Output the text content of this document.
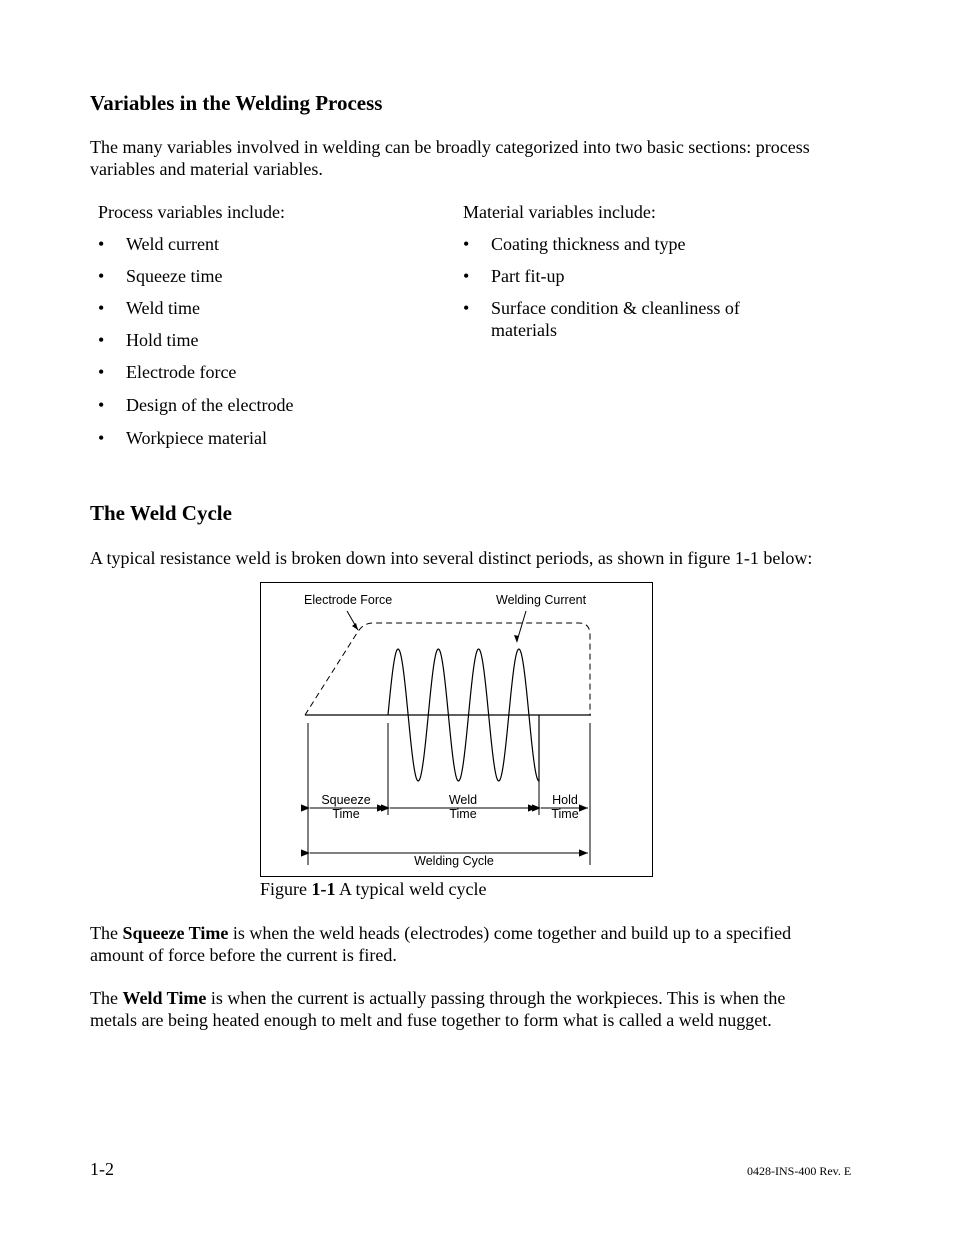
Variables in the Welding Process

The many variables involved in welding can be broadly categorized into two basic sections: process
variables and material variables.

Process variables include:
• Weld current
• Squeeze time
• Weld time
• Hold time
• Electrode force
• Design of the electrode
• Workpiece material
Material variables include:
• Coating thickness and type
• Part fit-up
• Surface condition & cleanliness of materials
The Weld Cycle

A typical resistance weld is broken down into several distinct periods, as shown in figure 1-1 below:

Electrode Force	Welding Current
Squeeze
Time
Weld
Time
Hold
Time
Welding Cycle
Figure 1-1 A typical weld cycle

The Squeeze Time is when the weld heads (electrodes) come together and build up to a specified
amount of force before the current is fired.

The Weld Time is when the current is actually passing through the workpieces. This is when the
metals are being heated enough to melt and fuse together to form what is called a weld nugget.

1-2	0428-INS-400 Rev. E
